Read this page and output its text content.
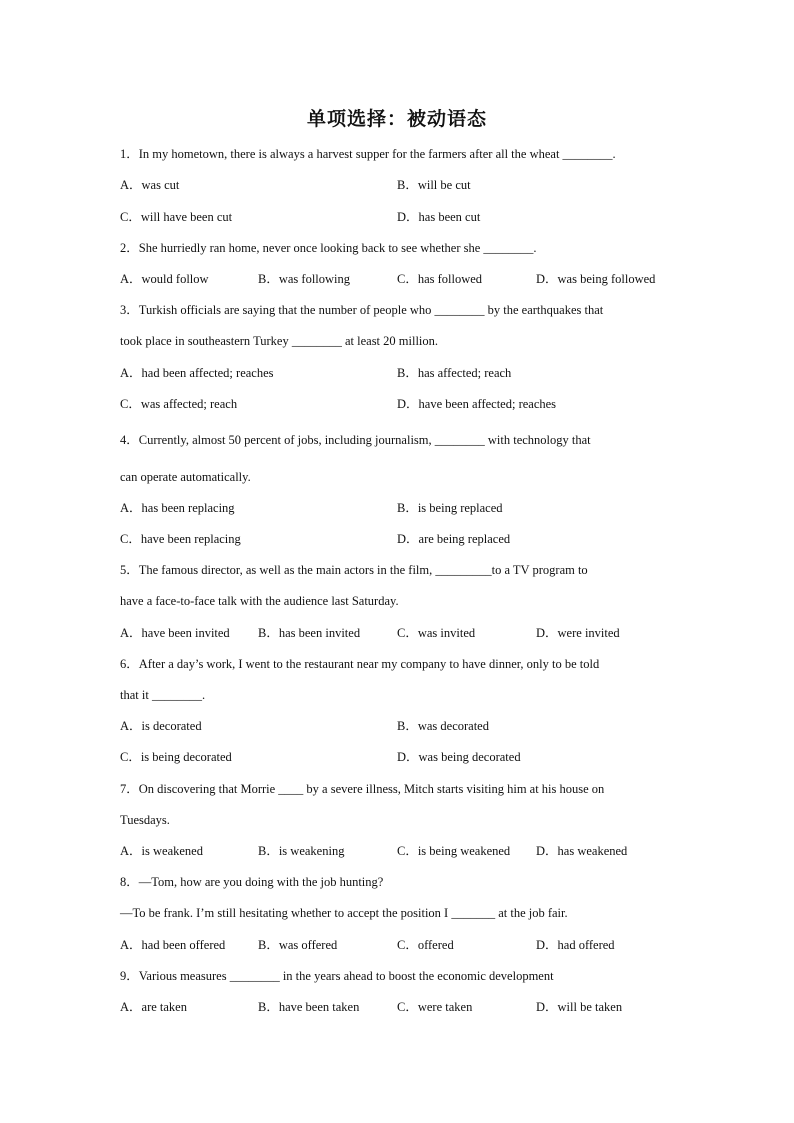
单项选择：被动语态
1．In my hometown, there is always a harvest supper for the farmers after all the wheat ________.
A．was cut	B．will be cut
C．will have been cut	D．has been cut
2．She hurriedly ran home, never once looking back to see whether she ________.
A．would follow	B．was following	C．has followed	D．was being followed
3．Turkish officials are saying that the number of people who ________ by the earthquakes that
took place in southeastern Turkey ________ at least 20 million.
A．had been affected; reaches	B．has affected; reach
C．was affected; reach	D．have been affected; reaches
4．Currently, almost 50 percent of jobs, including journalism, ________ with technology that
can operate automatically.
A．has been replacing	B．is being replaced
C．have been replacing	D．are being replaced
5．The famous director, as well as the main actors in the film, _________to a TV program to
have a face-to-face talk with the audience last Saturday.
A．have been invited B．has been invited	C．was invited	D．were invited
6．After a day’s work, I went to the restaurant near my company to have dinner, only to be told
that it ________.
A．is decorated	B．was decorated
C．is being decorated	D．was being decorated
7．On discovering that Morrie ____ by a severe illness, Mitch starts visiting him at his house on
Tuesdays.
A．is weakened	B．is weakening	C．is being weakened D．has weakened
8．—Tom, how are you doing with the job hunting?
—To be frank. I’m still hesitating whether to accept the position I _______ at the job fair.
A．had been offered	B．was offered	C．offered	D．had offered
9．Various measures ________ in the years ahead to boost the economic development
A．are taken	B．have been taken	C．were taken	D．will be taken
